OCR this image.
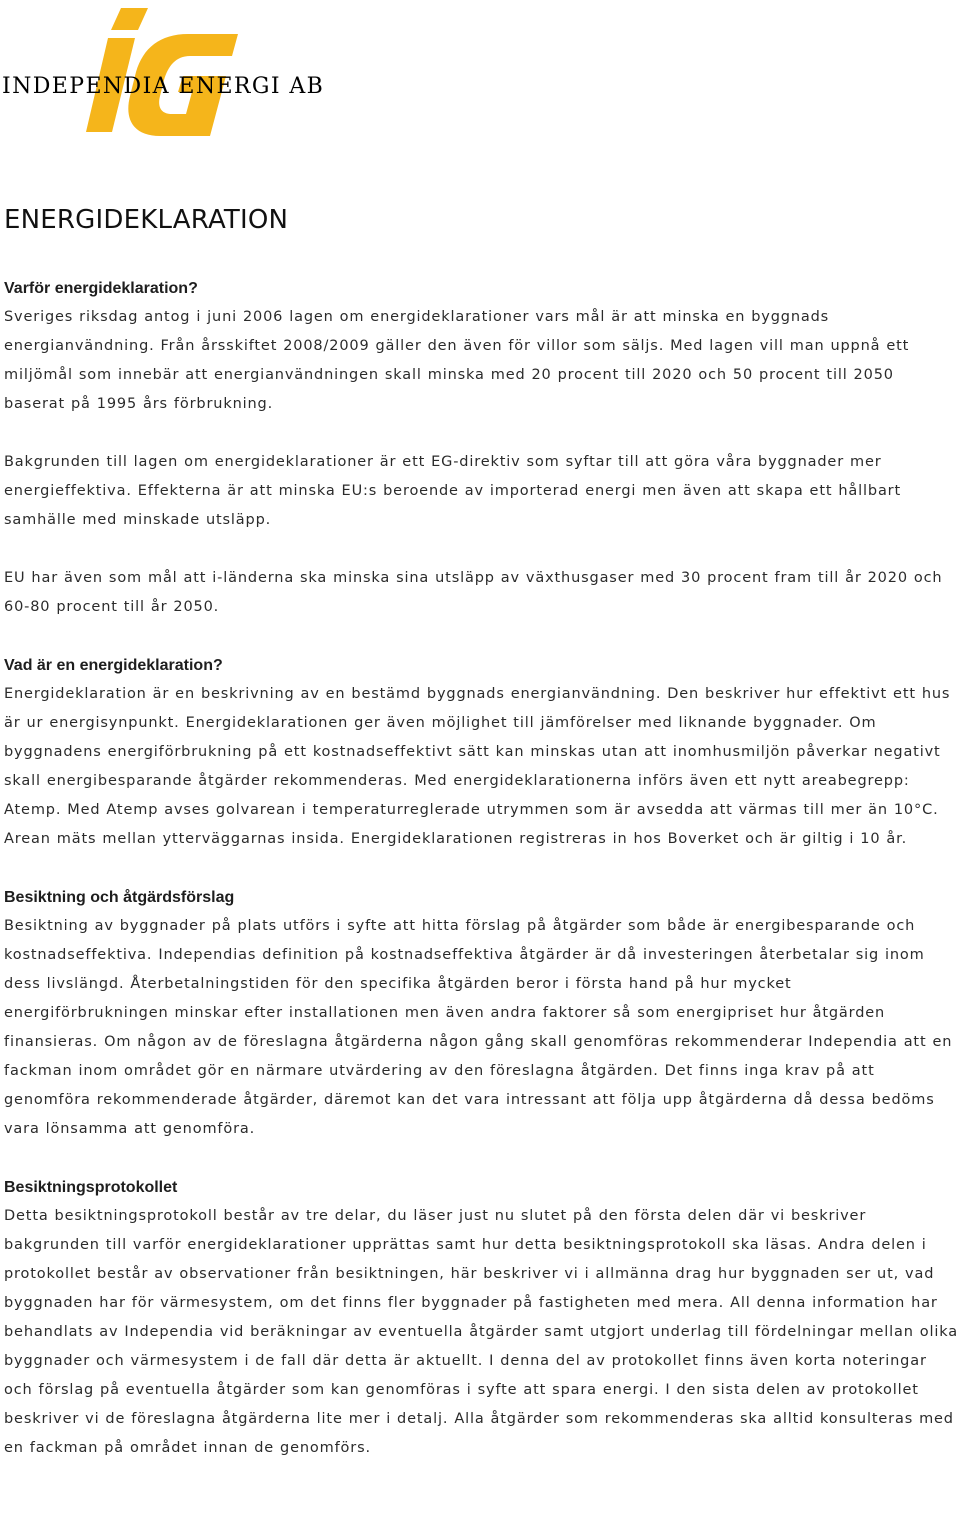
INDEPENDIA ENERGI AB
ENERGIDEKLARATION

Varför energideklaration?

Sveriges riksdag antog i juni 2006 lagen om energideklarationer vars mål är att minska en byggnads energianvändning. Från årsskiftet 2008/2009 gäller den även för villor som säljs. Med lagen vill man uppnå ett miljömål som innebär att energianvändningen skall minska med 20 procent till 2020 och 50 procent till 2050 baserat på 1995 års förbrukning.

Bakgrunden till lagen om energideklarationer är ett EG-direktiv som syftar till att göra våra byggnader mer energieffektiva. Effekterna är att minska EU:s beroende av importerad energi men även att skapa ett hållbart samhälle med minskade utsläpp.

EU har även som mål att i-länderna ska minska sina utsläpp av växthusgaser med 30 procent fram till år 2020 och 60-80 procent till år 2050.

Vad är en energideklaration?

Energideklaration är en beskrivning av en bestämd byggnads energianvändning. Den beskriver hur effektivt ett hus är ur energisynpunkt. Energideklarationen ger även möjlighet till jämförelser med liknande byggnader. Om byggnadens energiförbrukning på ett kostnadseffektivt sätt kan minskas utan att inomhusmiljön påverkar negativt skall energibesparande åtgärder rekommenderas. Med energideklarationerna införs även ett nytt areabegrepp: Atemp. Med Atemp avses golvarean i temperaturreglerade utrymmen som är avsedda att värmas till mer än 10°C. Arean mäts mellan ytterväggarnas insida. Energideklarationen registreras in hos Boverket och är giltig i 10 år.

Besiktning och åtgärdsförslag

Besiktning av byggnader på plats utförs i syfte att hitta förslag på åtgärder som både är energibesparande och kostnadseffektiva. Independias definition på kostnadseffektiva åtgärder är då investeringen återbetalar sig inom dess livslängd. Återbetalningstiden för den specifika åtgärden beror i första hand på hur mycket energiförbrukningen minskar efter installationen men även andra faktorer så som energipriset hur åtgärden finansieras. Om någon av de föreslagna åtgärderna någon gång skall genomföras rekommenderar Independia att en fackman inom området gör en närmare utvärdering av den föreslagna åtgärden. Det finns inga krav på att genomföra rekommenderade åtgärder, däremot kan det vara intressant att följa upp åtgärderna då dessa bedöms vara lönsamma att genomföra.

Besiktningsprotokollet

Detta besiktningsprotokoll består av tre delar, du läser just nu slutet på den första delen där vi beskriver bakgrunden till varför energideklarationer upprättas samt hur detta besiktningsprotokoll ska läsas. Andra delen i protokollet består av observationer från besiktningen, här beskriver vi i allmänna drag hur byggnaden ser ut, vad byggnaden har för värmesystem, om det finns fler byggnader på fastigheten med mera. All denna information har behandlats av Independia vid beräkningar av eventuella åtgärder samt utgjort underlag till fördelningar mellan olika byggnader och värmesystem i de fall där detta är aktuellt. I denna del av protokollet finns även korta noteringar och förslag på eventuella åtgärder som kan genomföras i syfte att spara energi. I den sista delen av protokollet beskriver vi de föreslagna åtgärderna lite mer i detalj. Alla åtgärder som rekommenderas ska alltid konsulteras med en fackman på området innan de genomförs.
